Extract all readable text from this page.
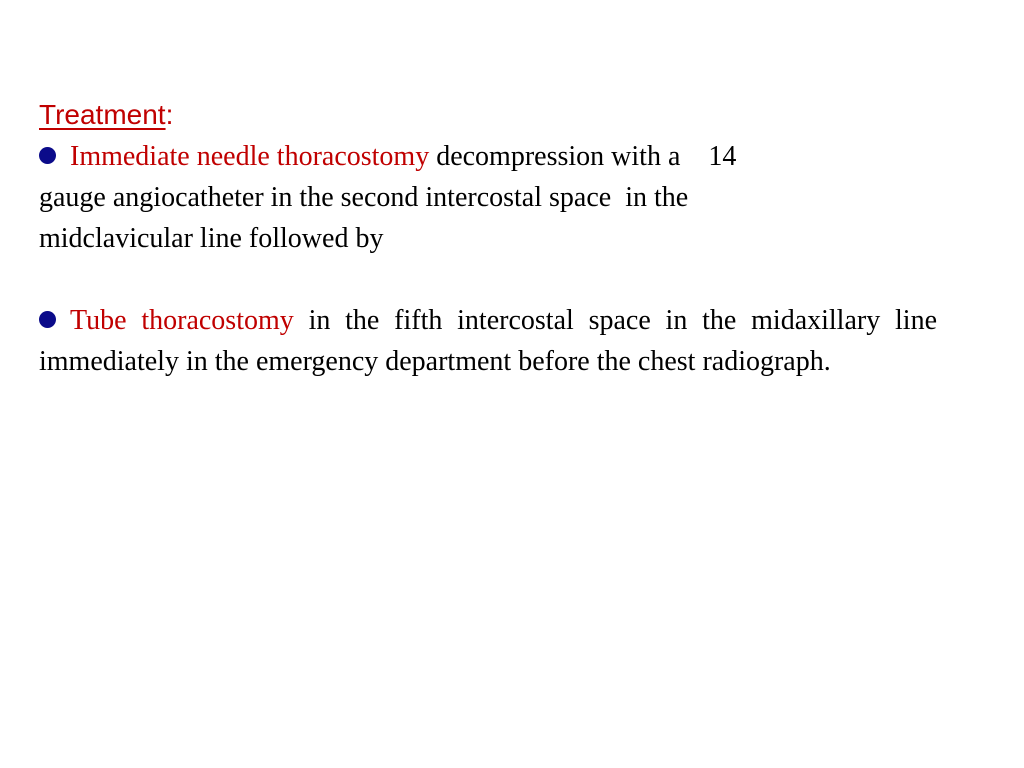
Treatment:
Immediate needle thoracostomy decompression with a    14
gauge angiocatheter in the second intercostal space  in the
midclavicular line followed by
Tube thoracostomy in the fifth intercostal space in the midaxillary line immediately in the emergency department before the chest radiograph.
